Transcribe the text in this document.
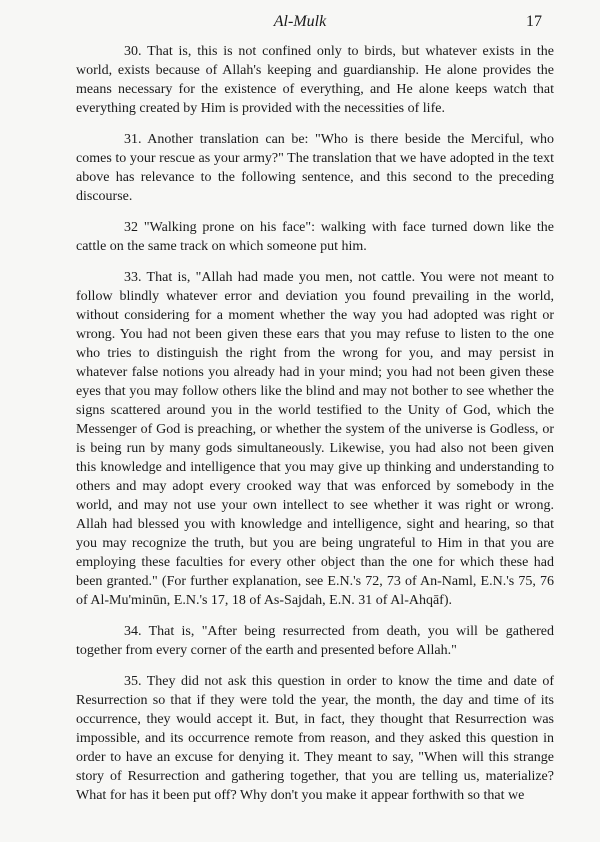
Al-Mulk	17

30. That is, this is not confined only to birds, but whatever exists in the world, exists because of Allah's keeping and guardianship. He alone provides the means necessary for the existence of everything, and He alone keeps watch that everything created by Him is provided with the necessities of life.

31. Another translation can be: "Who is there beside the Merciful, who comes to your rescue as your army?" The translation that we have adopted in the text above has relevance to the following sentence, and this second to the preceding discourse.

32 "Walking prone on his face": walking with face turned down like the cattle on the same track on which someone put him.

33. That is, "Allah had made you men, not cattle. You were not meant to follow blindly whatever error and deviation you found prevailing in the world, without considering for a moment whether the way you had adopted was right or wrong. You had not been given these ears that you may refuse to listen to the one who tries to distinguish the right from the wrong for you, and may persist in whatever false notions you already had in your mind; you had not been given these eyes that you may follow others like the blind and may not bother to see whether the signs scattered around you in the world testified to the Unity of God, which the Messenger of God is preaching, or whether the system of the universe is Godless, or is being run by many gods simultaneously. Likewise, you had also not been given this knowledge and intelligence that you may give up thinking and understanding to others and may adopt every crooked way that was enforced by somebody in the world, and may not use your own intellect to see whether it was right or wrong. Allah had blessed you with knowledge and intelligence, sight and hearing, so that you may recognize the truth, but you are being ungrateful to Him in that you are employing these faculties for every other object than the one for which these had been granted." (For further explanation, see E.N.'s 72, 73 of An-Naml, E.N.'s 75, 76 of Al-Mu'minūn, E.N.'s 17, 18 of As-Sajdah, E.N. 31 of Al-Ahqāf).

34. That is, "After being resurrected from death, you will be gathered together from every corner of the earth and presented before Allah."

35. They did not ask this question in order to know the time and date of Resurrection so that if they were told the year, the month, the day and time of its occurrence, they would accept it. But, in fact, they thought that Resurrection was impossible, and its occurrence remote from reason, and they asked this question in order to have an excuse for denying it. They meant to say, "When will this strange story of Resurrection and gathering together, that you are telling us, materialize? What for has it been put off? Why don't you make it appear forthwith so that we
